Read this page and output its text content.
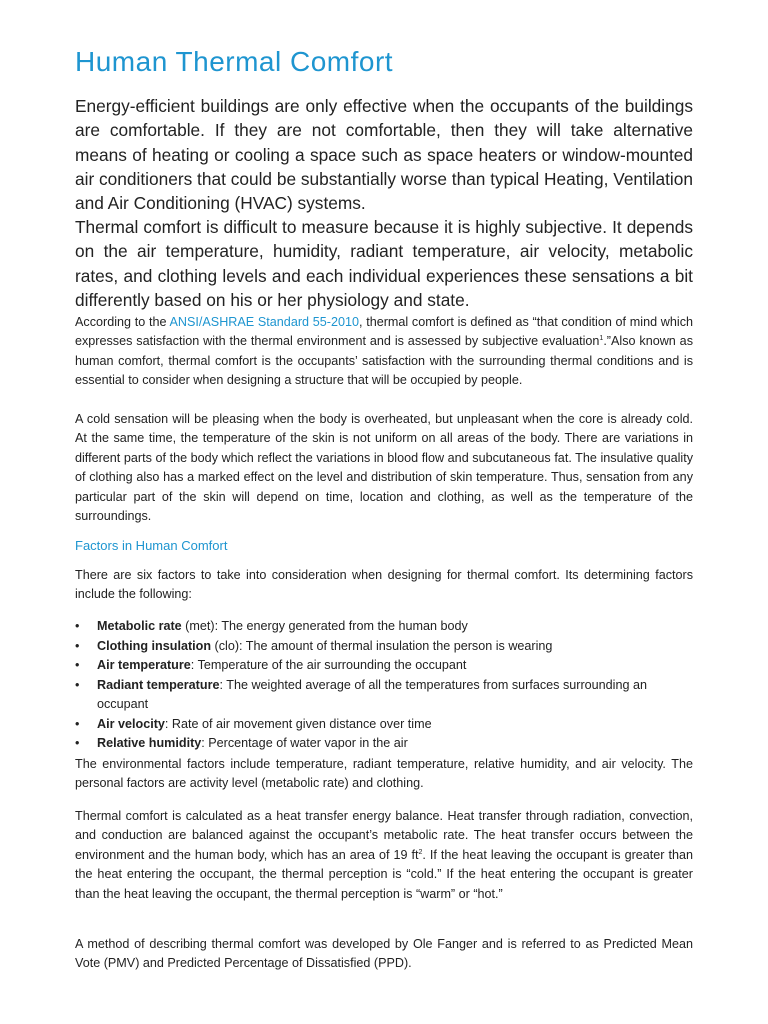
Human Thermal Comfort

Energy-efficient buildings are only effective when the occupants of the buildings are comfortable. If they are not comfortable, then they will take alternative means of heating or cooling a space such as space heaters or window-mounted air conditioners that could be substantially worse than typical Heating, Ventilation and Air Conditioning (HVAC) systems.

Thermal comfort is difficult to measure because it is highly subjective. It depends on the air temperature, humidity, radiant temperature, air velocity, metabolic rates, and clothing levels and each individual experiences these sensations a bit differently based on his or her physiology and state.

According to the ANSI/ASHRAE Standard 55-2010, thermal comfort is defined as “that condition of mind which expresses satisfaction with the thermal environment and is assessed by subjective evaluation$^1$.”Also known as human comfort, thermal comfort is the occupants’ satisfaction with the surrounding thermal conditions and is essential to consider when designing a structure that will be occupied by people.

A cold sensation will be pleasing when the body is overheated, but unpleasant when the core is already cold. At the same time, the temperature of the skin is not uniform on all areas of the body. There are variations in different parts of the body which reflect the variations in blood flow and subcutaneous fat. The insulative quality of clothing also has a marked effect on the level and distribution of skin temperature. Thus, sensation from any particular part of the skin will depend on time, location and clothing, as well as the temperature of the surroundings.

Factors in Human Comfort

There are six factors to take into consideration when designing for thermal comfort. Its determining factors include the following:

• Metabolic rate (met): The energy generated from the human body
• Clothing insulation (clo): The amount of thermal insulation the person is wearing
• Air temperature: Temperature of the air surrounding the occupant
• Radiant temperature: The weighted average of all the temperatures from surfaces surrounding an occupant
• Air velocity: Rate of air movement given distance over time
• Relative humidity: Percentage of water vapor in the air

The environmental factors include temperature, radiant temperature, relative humidity, and air velocity. The personal factors are activity level (metabolic rate) and clothing.

Thermal comfort is calculated as a heat transfer energy balance. Heat transfer through radiation, convection, and conduction are balanced against the occupant’s metabolic rate. The heat transfer occurs between the environment and the human body, which has an area of 19 $ft^2$. If the heat leaving the occupant is greater than the heat entering the occupant, the thermal perception is “cold.” If the heat entering the occupant is greater than the heat leaving the occupant, the thermal perception is “warm” or “hot.”

A method of describing thermal comfort was developed by Ole Fanger and is referred to as Predicted Mean Vote (PMV) and Predicted Percentage of Dissatisfied (PPD).
